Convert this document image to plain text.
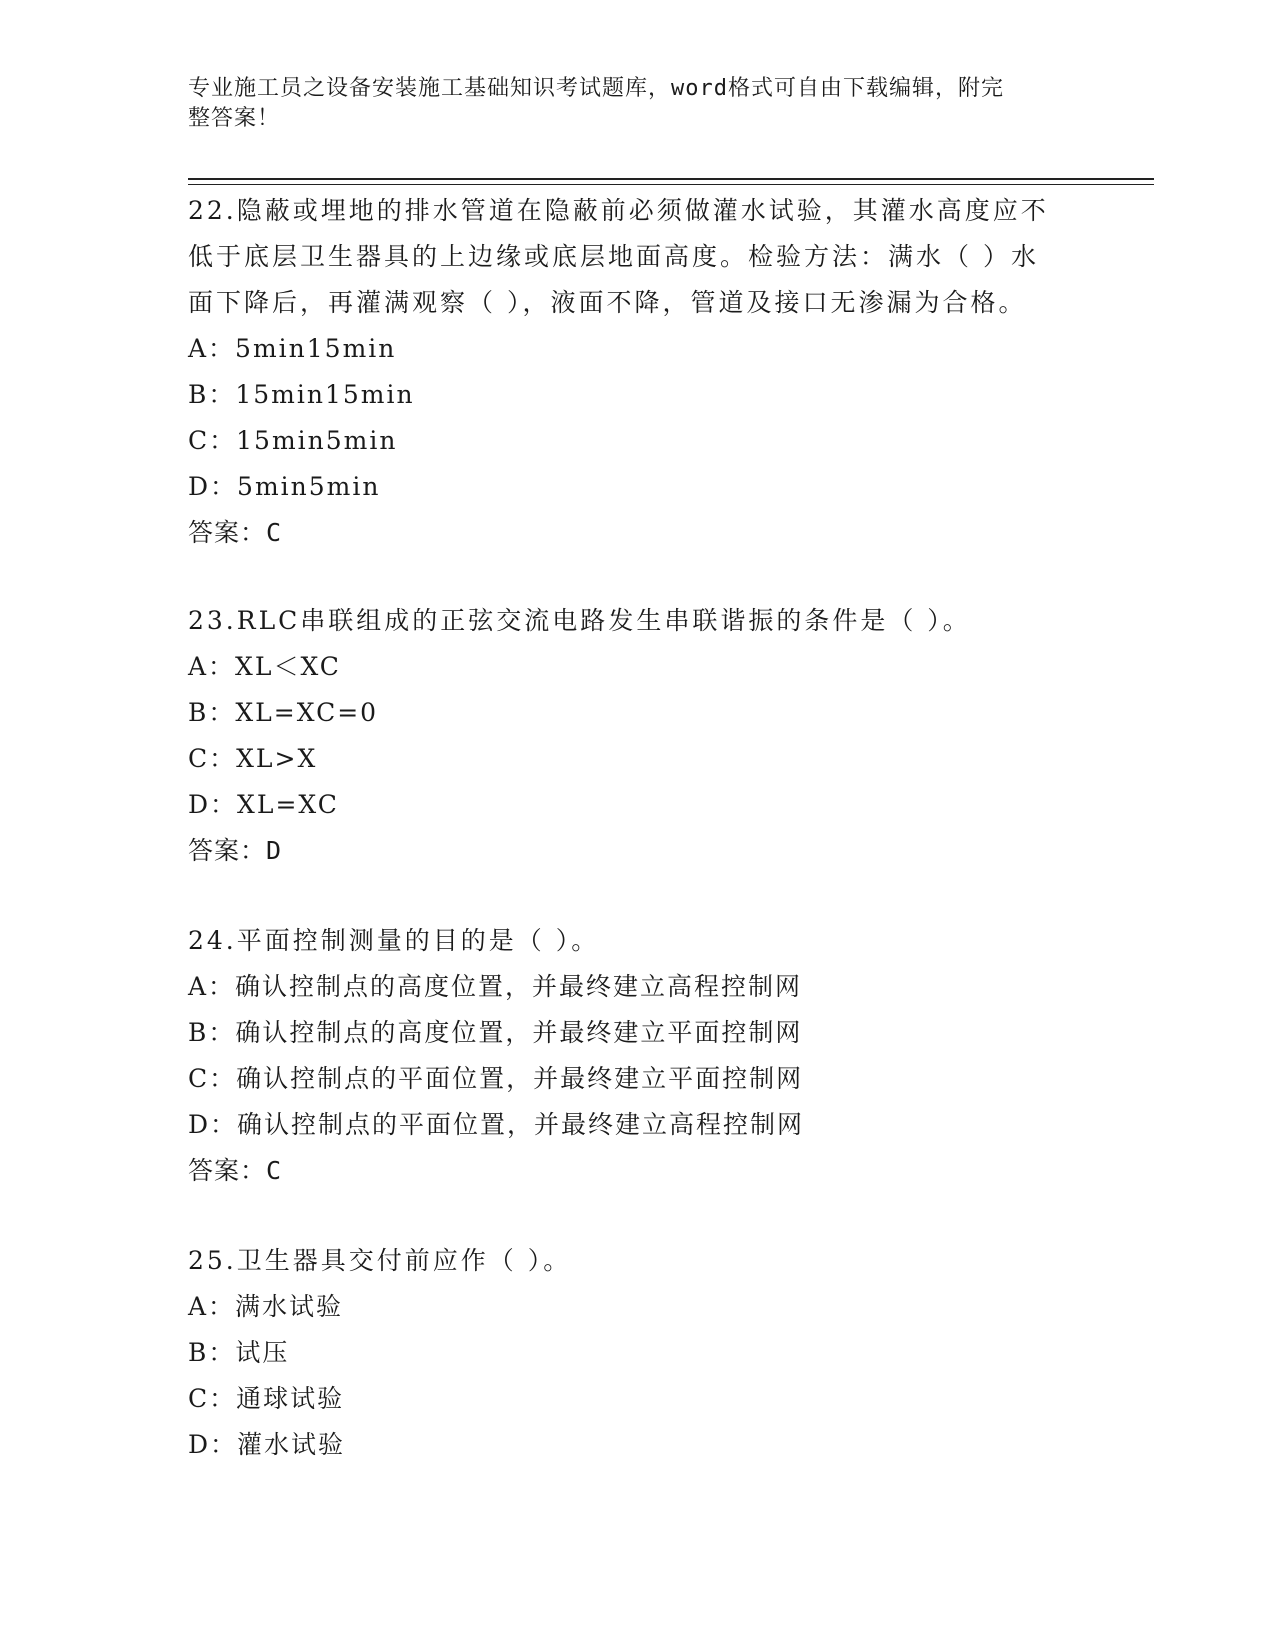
专业施工员之设备安装施工基础知识考试题库，word格式可自由下载编辑，附完
整答案！

22.隐蔽或埋地的排水管道在隐蔽前必须做灌水试验，其灌水高度应不

低于底层卫生器具的上边缘或底层地面高度。检验方法：满水（ ）水

面下降后，再灌满观察（ ），液面不降，管道及接口无渗漏为合格。

A：5min15min

B：15min15min

C：15min5min

D：5min5min

答案：C

23.RLC串联组成的正弦交流电路发生串联谐振的条件是（ ）。

A：XL＜XC

B：XL=XC=0

C：XL>X

D：XL=XC

答案：D

24.平面控制测量的目的是（ ）。

A：确认控制点的高度位置，并最终建立高程控制网

B：确认控制点的高度位置，并最终建立平面控制网

C：确认控制点的平面位置，并最终建立平面控制网

D：确认控制点的平面位置，并最终建立高程控制网

答案：C

25.卫生器具交付前应作（ ）。

A：满水试验

B：试压

C：通球试验

D：灌水试验
